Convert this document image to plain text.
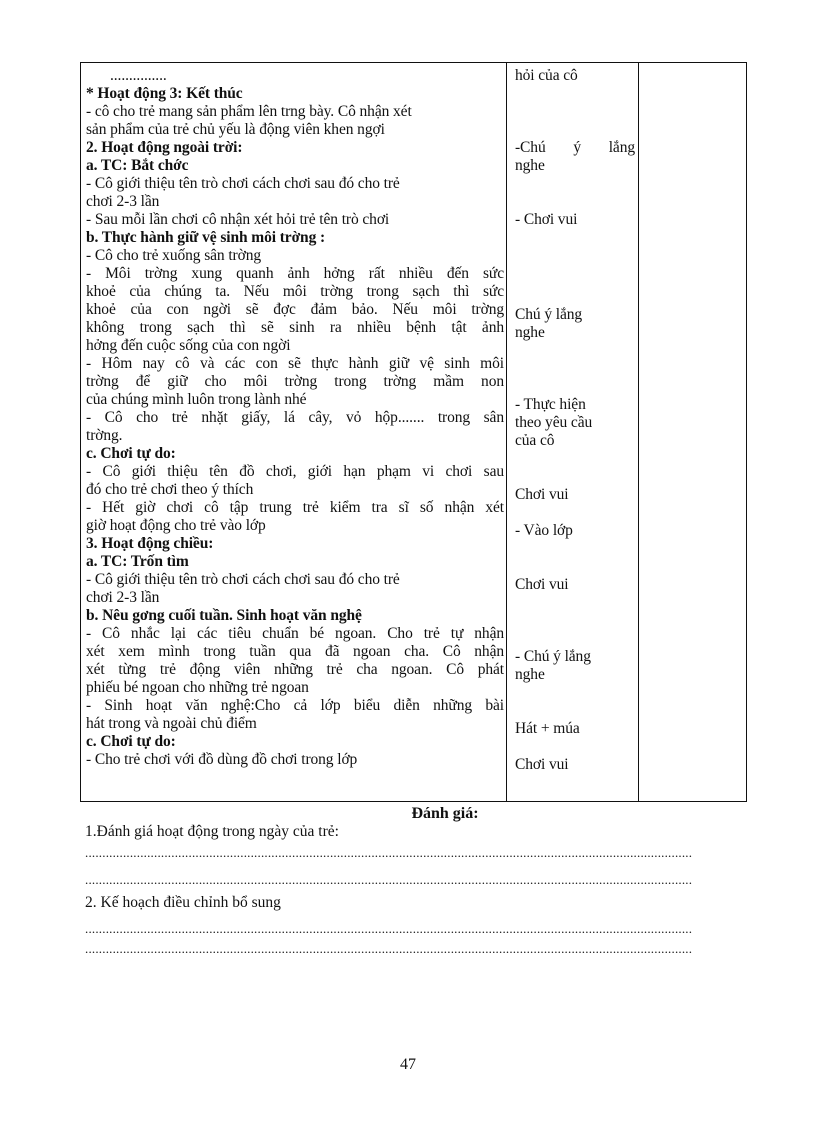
...............
* Hoạt động 3: Kết thúc
- cô cho trẻ mang sản phẩm lên trng bày. Cô nhận xét
sản phẩm của trẻ chủ yếu là động viên khen ngợi
2. Hoạt động ngoài trời:
a. TC: Bắt chớc
- Cô giới thiệu tên trò chơi cách chơi sau đó cho trẻ
chơi 2-3 lần
- Sau mỗi lần chơi cô nhận xét hỏi trẻ tên trò chơi
b. Thực hành giữ vệ sinh môi trờng :
- Cô cho trẻ xuống sân trờng
- Môi trờng xung quanh ảnh hởng rất nhiều đến sức
khoẻ của chúng ta. Nếu môi trờng trong sạch thì sức
khoẻ của con ngời sẽ đợc đảm bảo. Nếu môi trờng
không trong sạch thì sẽ sinh ra nhiều bệnh tật ảnh
hởng đến cuộc sống của con ngời
- Hôm nay cô và các con sẽ thực hành giữ vệ sinh môi
trờng để giữ cho môi trờng trong trờng mầm non
của chúng mình luôn trong lành nhé
- Cô cho trẻ nhặt giấy, lá cây, vỏ hộp....... trong sân
trờng.
c. Chơi tự do:
- Cô giới thiệu tên đồ chơi, giới hạn phạm vi chơi sau
đó cho trẻ chơi theo ý thích
- Hết giờ chơi cô tập trung trẻ kiểm tra sĩ số nhận xét
giờ hoạt động cho trẻ vào lớp
3. Hoạt động chiều:
a. TC: Trốn tìm
- Cô giới thiệu tên trò chơi cách chơi sau đó cho trẻ
chơi 2-3 lần
b. Nêu gơng cuối tuần. Sinh hoạt văn nghệ
- Cô nhắc lại các tiêu chuẩn bé ngoan. Cho trẻ tự nhận
xét xem mình trong tuần qua đã ngoan cha. Cô nhận
xét từng trẻ động viên những trẻ cha ngoan. Cô phát
phiếu bé ngoan cho những trẻ ngoan
- Sinh hoạt văn nghệ:Cho cả lớp biểu diễn những bài
hát trong và ngoài chủ điểm
c. Chơi tự do:
- Cho trẻ chơi với đồ dùng đồ chơi trong lớp
hỏi của cô
-Chú ý lắng
nghe
- Chơi vui
Chú ý lắng
nghe
- Thực hiện
theo yêu cầu
của cô
Chơi vui
- Vào lớp
Chơi vui
- Chú ý lắng
nghe
Hát + múa
Chơi vui
Đánh giá:
1.Đánh giá hoạt động trong ngày của trẻ:
................................................................................................................................................................................
................................................................................................................................................................................
2. Kế hoạch điều chỉnh bổ sung
................................................................................................................................................................................
................................................................................................................................................................................
47
